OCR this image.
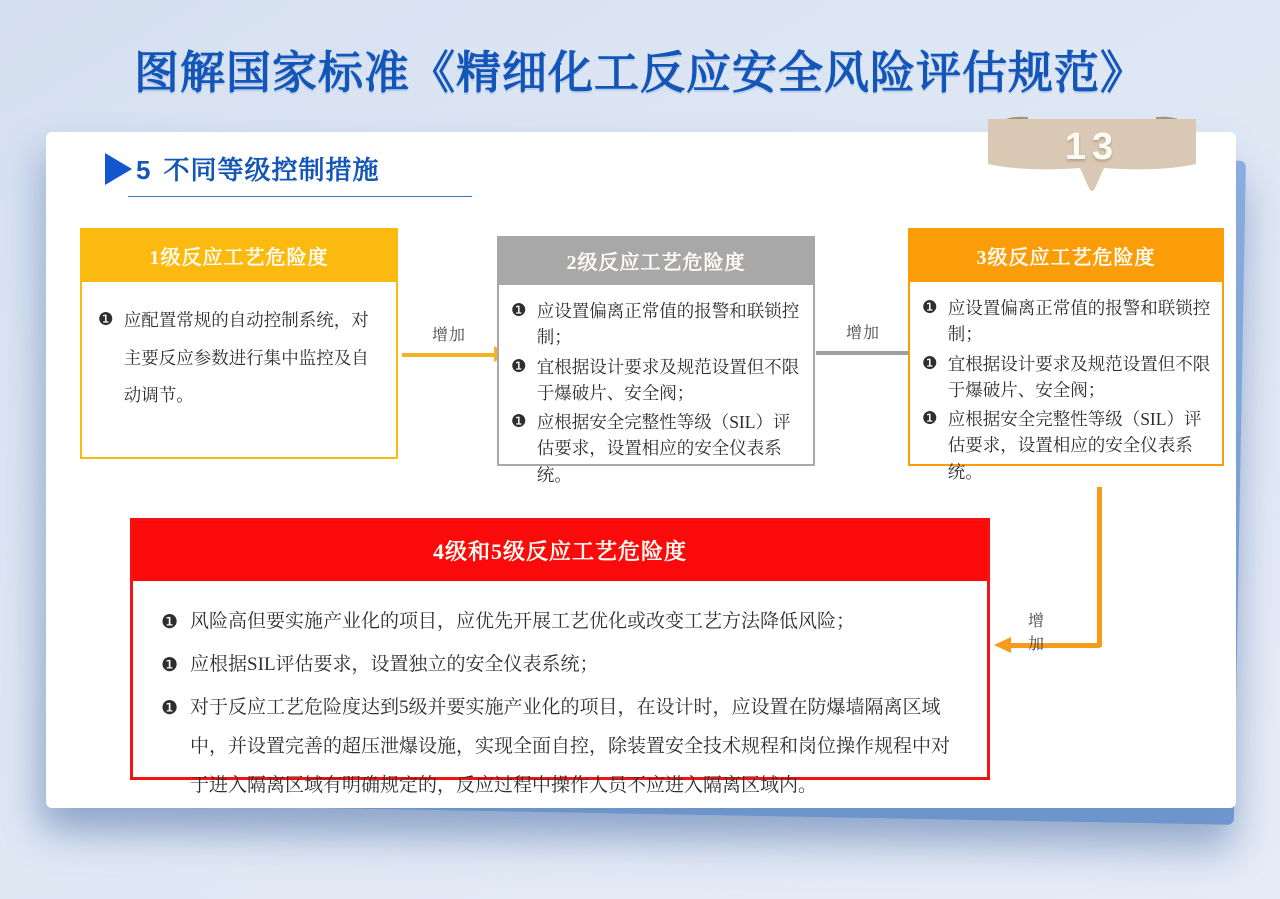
图解国家标准《精细化工反应安全风险评估规范》
5 不同等级控制措施
1级反应工艺危险度
❶ 应配置常规的自动控制系统，对主要反应参数进行集中监控及自动调节。
增加
2级反应工艺危险度
❶ 应设置偏离正常值的报警和联锁控制；
❶ 宜根据设计要求及规范设置但不限于爆破片、安全阀；
❶ 应根据安全完整性等级（SIL）评估要求，设置相应的安全仪表系统。
增加
3级反应工艺危险度
❶ 应设置偏离正常值的报警和联锁控制；
❶ 宜根据设计要求及规范设置但不限于爆破片、安全阀；
❶ 应根据安全完整性等级（SIL）评估要求，设置相应的安全仪表系统。
增加
4级和5级反应工艺危险度
❶ 风险高但要实施产业化的项目，应优先开展工艺优化或改变工艺方法降低风险；
❶ 应根据SIL评估要求，设置独立的安全仪表系统；
❶ 对于反应工艺危险度达到5级并要实施产业化的项目，在设计时，应设置在防爆墙隔离区域中，并设置完善的超压泄爆设施，实现全面自控，除装置安全技术规程和岗位操作规程中对于进入隔离区域有明确规定的，反应过程中操作人员不应进入隔离区域内。
13
